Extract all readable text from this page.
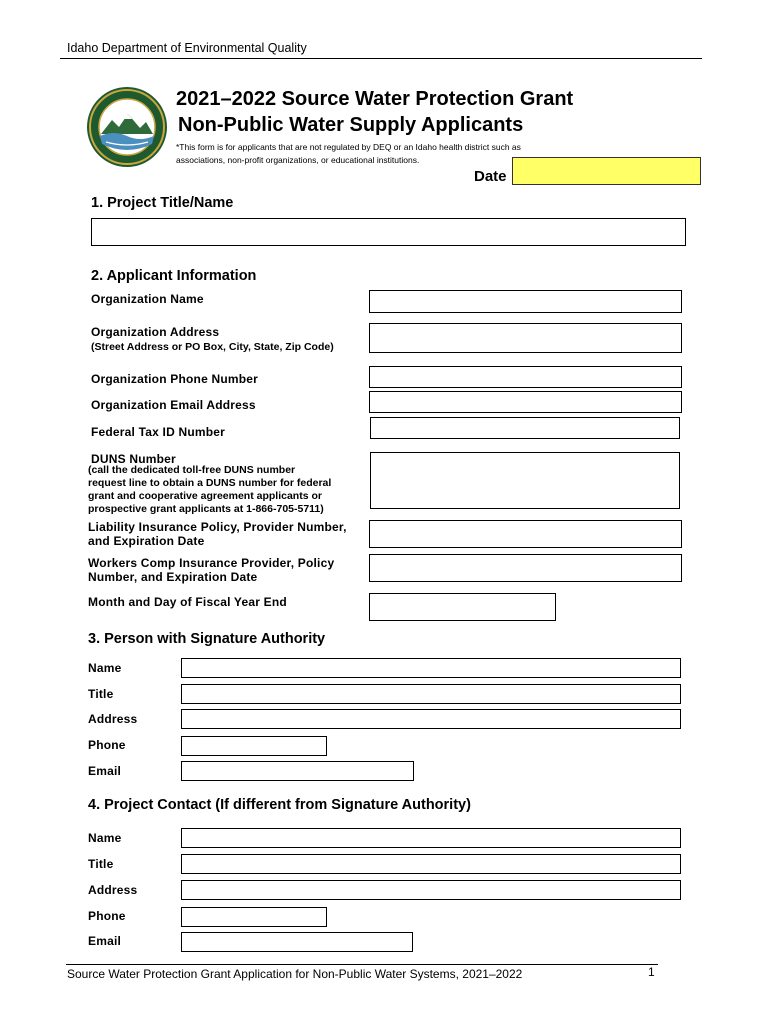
Idaho Department of Environmental Quality
2021–2022 Source Water Protection Grant
Non-Public Water Supply Applicants
*This form is for applicants that are not regulated by DEQ or an Idaho health district such as
associations, non-profit organizations, or educational institutions.
Date
1. Project Title/Name
2. Applicant Information
Organization Name
Organization Address
(Street Address or PO Box, City, State, Zip Code)
Organization Phone Number
Organization Email Address
Federal Tax ID Number
DUNS Number
(call the dedicated toll-free DUNS number
request line to obtain a DUNS number for federal
grant and cooperative agreement applicants or
prospective grant applicants at 1-866-705-5711)
Liability Insurance Policy, Provider Number,
and Expiration Date
Workers Comp Insurance Provider, Policy
Number, and Expiration Date
Month and Day of Fiscal Year End
3. Person with Signature Authority
Name
Title
Address
Phone
Email
4. Project Contact (If different from Signature Authority)
Name
Title
Address
Phone
Email
Source Water Protection Grant Application for Non-Public Water Systems, 2021–2022	1
